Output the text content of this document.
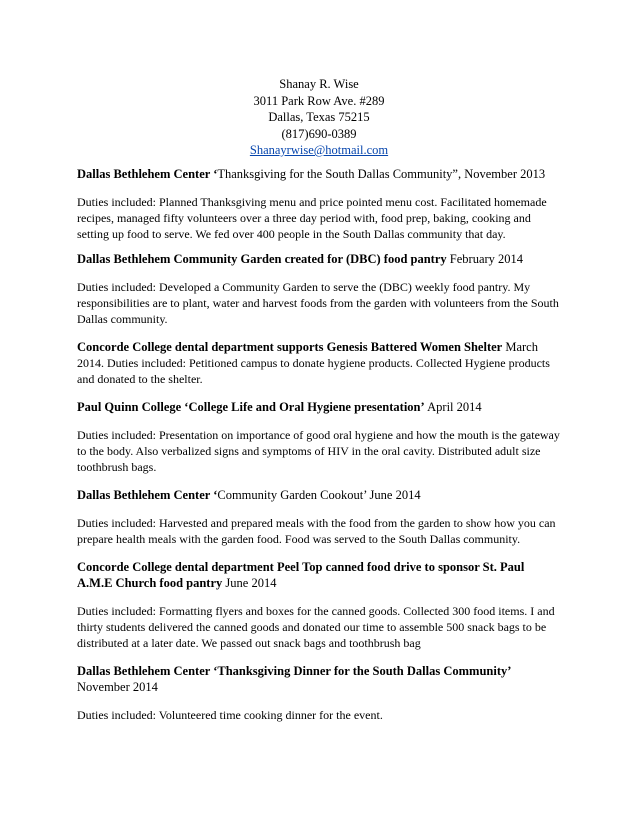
Shanay R. Wise
3011 Park Row Ave. #289
Dallas, Texas 75215
(817)690-0389
Shanayrwise@hotmail.com
Dallas Bethlehem Center ‘Thanksgiving for the South Dallas Community”, November 2013
Duties included: Planned Thanksgiving menu and price pointed menu cost. Facilitated homemade recipes, managed fifty volunteers over a three day period with, food prep, baking, cooking and setting up food to serve. We fed over 400 people in the South Dallas community that day.
Dallas Bethlehem Community Garden created for (DBC) food pantry February 2014
Duties included: Developed a Community Garden to serve the (DBC) weekly food pantry. My responsibilities are to plant, water and harvest foods from the garden with volunteers from the South Dallas community.
Concorde College dental department supports Genesis Battered Women Shelter March
2014. Duties included: Petitioned campus to donate hygiene products. Collected Hygiene products and donated to the shelter.
Paul Quinn College ‘College Life and Oral Hygiene presentation’ April 2014
Duties included: Presentation on importance of good oral hygiene and how the mouth is the gateway to the body. Also verbalized signs and symptoms of HIV in the oral cavity. Distributed adult size toothbrush bags.
Dallas Bethlehem Center ‘Community Garden Cookout’ June 2014
Duties included: Harvested and prepared meals with the food from the garden to show how you can prepare health meals with the garden food. Food was served to the South Dallas community.
Concorde College dental department Peel Top canned food drive to sponsor St. Paul A.M.E Church food pantry June 2014
Duties included: Formatting flyers and boxes for the canned goods. Collected 300 food items. I and thirty students delivered the canned goods and donated our time to assemble 500 snack bags to be distributed at a later date. We passed out snack bags and toothbrush bag
Dallas Bethlehem Center ‘Thanksgiving Dinner for the South Dallas Community’
November 2014
Duties included: Volunteered time cooking dinner for the event.
